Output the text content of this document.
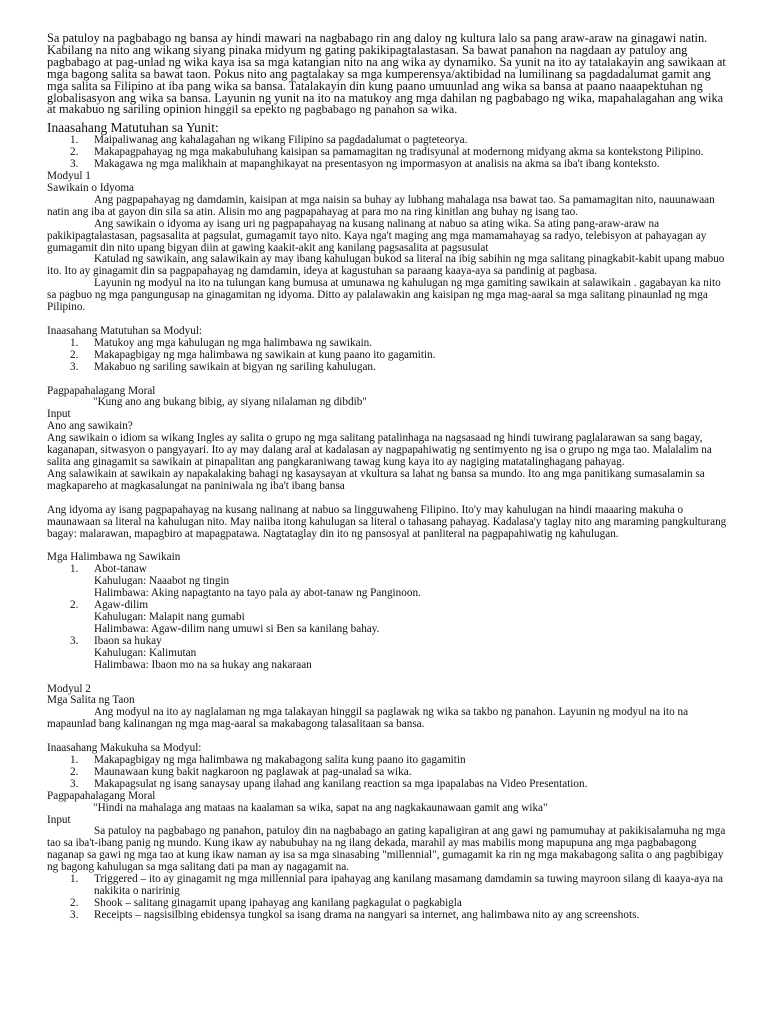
Sa patuloy na pagbabago ng bansa ay hindi mawari na nagbabago rin ang daloy ng kultura lalo sa pang araw-araw na ginagawi natin. Kabilang na nito ang wikang siyang pinaka midyum ng gating pakikipagtalastasan. Sa bawat panahon na nagdaan ay patuloy ang pagbabago at pag-unlad ng wika kaya isa sa mga katangian nito na ang wika ay dynamiko. Sa yunit na ito ay tatalakayin ang sawikaan at mga bagong salita sa bawat taon. Pokus nito ang pagtalakay sa mga kumperensya/aktibidad na lumilinang sa pagdadalumat gamit ang mga salita sa Filipino at iba pang wika sa bansa. Tatalakayin din kung paano umuunlad ang wika sa bansa at paano naaapektuhan ng globalisasyon ang wika sa bansa. Layunin ng yunit na ito na matukoy ang mga dahilan ng pagbabago ng wika, mapahalagahan ang wika at makabuo ng sariling opinion hinggil sa epekto ng pagbabago ng panahon sa wika.

Inaasahang Matutuhan sa Yunit:
1. Maipaliwanag ang kahalagahan ng wikang Filipino sa pagdadalumat o pagteteorya.
2. Makapagpahayag ng mga makabuluhang kaisipan sa pamamagitan ng tradisyunal at modernong midyang akma sa kontekstong Pilipino.
3. Makagawa ng mga malikhain at mapanghikayat na presentasyon ng impormasyon at analisis na akma sa iba't ibang konteksto.

Modyul 1

Sawikain o Idyoma

Ang pagpapahayag ng damdamin, kaisipan at mga naisin sa buhay ay lubhang mahalaga nsa bawat tao. Sa pamamagitan nito, nauunawaan natin ang iba at gayon din sila sa atin. Alisin mo ang pagpapahayag at para mo na ring kinitlan ang buhay ng isang tao.

Ang sawikain o idyoma ay isang uri ng pagpapahayag na kusang nalinang at nabuo sa ating wika. Sa ating pang-araw-araw na pakikipagtalastasan, pagsasalita at pagsulat, gumagamit tayo nito. Kaya nga't maging ang mga mamamahayag sa radyo, telebisyon at pahayagan ay gumagamit din nito upang bigyan diin at gawing kaakit-akit ang kanilang pagsasalita at pagsusulat

Katulad ng sawikain, ang salawikain ay may ibang kahulugan bukod sa literal na ibig sabihin ng mga salitang pinagkabit-kabit upang mabuo ito. Ito ay ginagamit din sa pagpapahayag ng damdamin, ideya at kagustuhan sa paraang kaaya-aya sa pandinig at pagbasa.

Layunin ng modyul na ito na tulungan kang bumusa at umunawa ng kahulugan ng mga gamiting sawikain at salawikain . gagabayan ka nito sa pagbuo ng mga pangungusap na ginagamitan ng idyoma. Ditto ay palalawakin ang kaisipan ng mga mag-aaral sa mga salitang pinaunlad ng mga Pilipino.

Inaasahang Matutuhan sa Modyul:

1. Matukoy ang mga kahulugan ng mga halimbawa ng sawikain.
2. Makapagbigay ng mga halimbawa ng sawikain at kung paano ito gagamitin.
3. Makabuo ng sariling sawikain at bigyan ng sariling kahulugan.

Pagpapahalagang Moral

"Kung ano ang bukang bibig, ay siyang nilalaman ng dibdib"

Input

Ano ang sawikain?

Ang sawikain o idiom sa wikang Ingles ay salita o grupo ng mga salitang patalinhaga na nagsasaad ng hindi tuwirang paglalarawan sa sang bagay, kaganapan, sitwasyon o pangyayari. Ito ay may dalang aral at kadalasan ay nagpapahiwatig ng sentimyento ng isa o grupo ng mga tao. Malalalim na salita ang ginagamit sa sawikain at pinapalitan ang pangkaraniwang tawag kung kaya ito ay nagiging matatalinghagang pahayag.

Ang salawikain at sawikain ay napakalaking bahagi ng kasaysayan at vkultura sa lahat ng bansa sa mundo. Ito ang mga panitikang sumasalamin sa magkapareho at magkasalungat na paniniwala ng iba't ibang bansa

Ang idyoma ay isang pagpapahayag na kusang nalinang at nabuo sa lingguwaheng Filipino. Ito'y may kahulugan na hindi maaaring makuha o maunawaan sa literal na kahulugan nito. May naiiba itong kahulugan sa literal o tahasang pahayag. Kadalasa'y taglay nito ang maraming pangkulturang bagay: malarawan, mapagbiro at mapagpatawa. Nagtataglay din ito ng pansosyal at panliteral na pagpapahiwatig ng kahulugan.

Mga Halimbawa ng Sawikain

1. Abot-tanaw
Kahulugan: Naaabot ng tingin
Halimbawa: Aking napagtanto na tayo pala ay abot-tanaw ng Panginoon.
2. Agaw-dilim
Kahulugan: Malapit nang gumabi
Halimbawa: Agaw-dilim nang umuwi si Ben sa kanilang bahay.
3. Ibaon sa hukay
Kahulugan: Kalimutan
Halimbawa: Ibaon mo na sa hukay ang nakaraan

Modyul 2

Mga Salita ng Taon

Ang modyul na ito ay naglalaman ng mga talakayan hinggil sa paglawak ng wika sa takbo ng panahon. Layunin ng modyul na ito na mapaunlad bang kalinangan ng mga mag-aaral sa makabagong talasalitaan sa bansa.

Inaasahang Makukuha sa Modyul:

1. Makapagbigay ng mga halimbawa ng makabagong salita kung paano ito gagamitin
2. Maunawaan kung bakit nagkaroon ng paglawak at pag-unalad sa wika.
3. Makapagsulat ng isang sanaysay upang ilahad ang kanilang reaction sa mga ipapalabas na Video Presentation.

Pagpapahalagang Moral

"Hindi na mahalaga ang mataas na kaalaman sa wika, sapat na ang nagkakaunawaan gamit ang wika"

Input

Sa patuloy na pagbabago ng panahon, patuloy din na nagbabago an gating kapaligiran at ang gawi ng pamumuhay at pakikisalamuha ng mga tao sa iba't-ibang panig ng mundo. Kung ikaw ay nabubuhay na ng ilang dekada, marahil ay mas mabilis mong mapupuna ang mga pagbabagong naganap sa gawi ng mga tao at kung ikaw naman ay isa sa mga sinasabing "millennial", gumagamit ka rin ng mga makabagong salita o ang pagbibigay ng bagong kahulugan sa mga salitang dati pa man ay nagagamit na.

1. Triggered – ito ay ginagamit ng mga millennial para ipahayag ang kanilang masamang damdamin sa tuwing mayroon silang di kaaya-aya na nakikita o naririnig
2. Shook – salitang ginagamit upang ipahayag ang kanilang pagkagulat o pagkabigla
3. Receipts – nagsisilbing ebidensya tungkol sa isang drama na nangyari sa internet, ang halimbawa nito ay ang screenshots.
